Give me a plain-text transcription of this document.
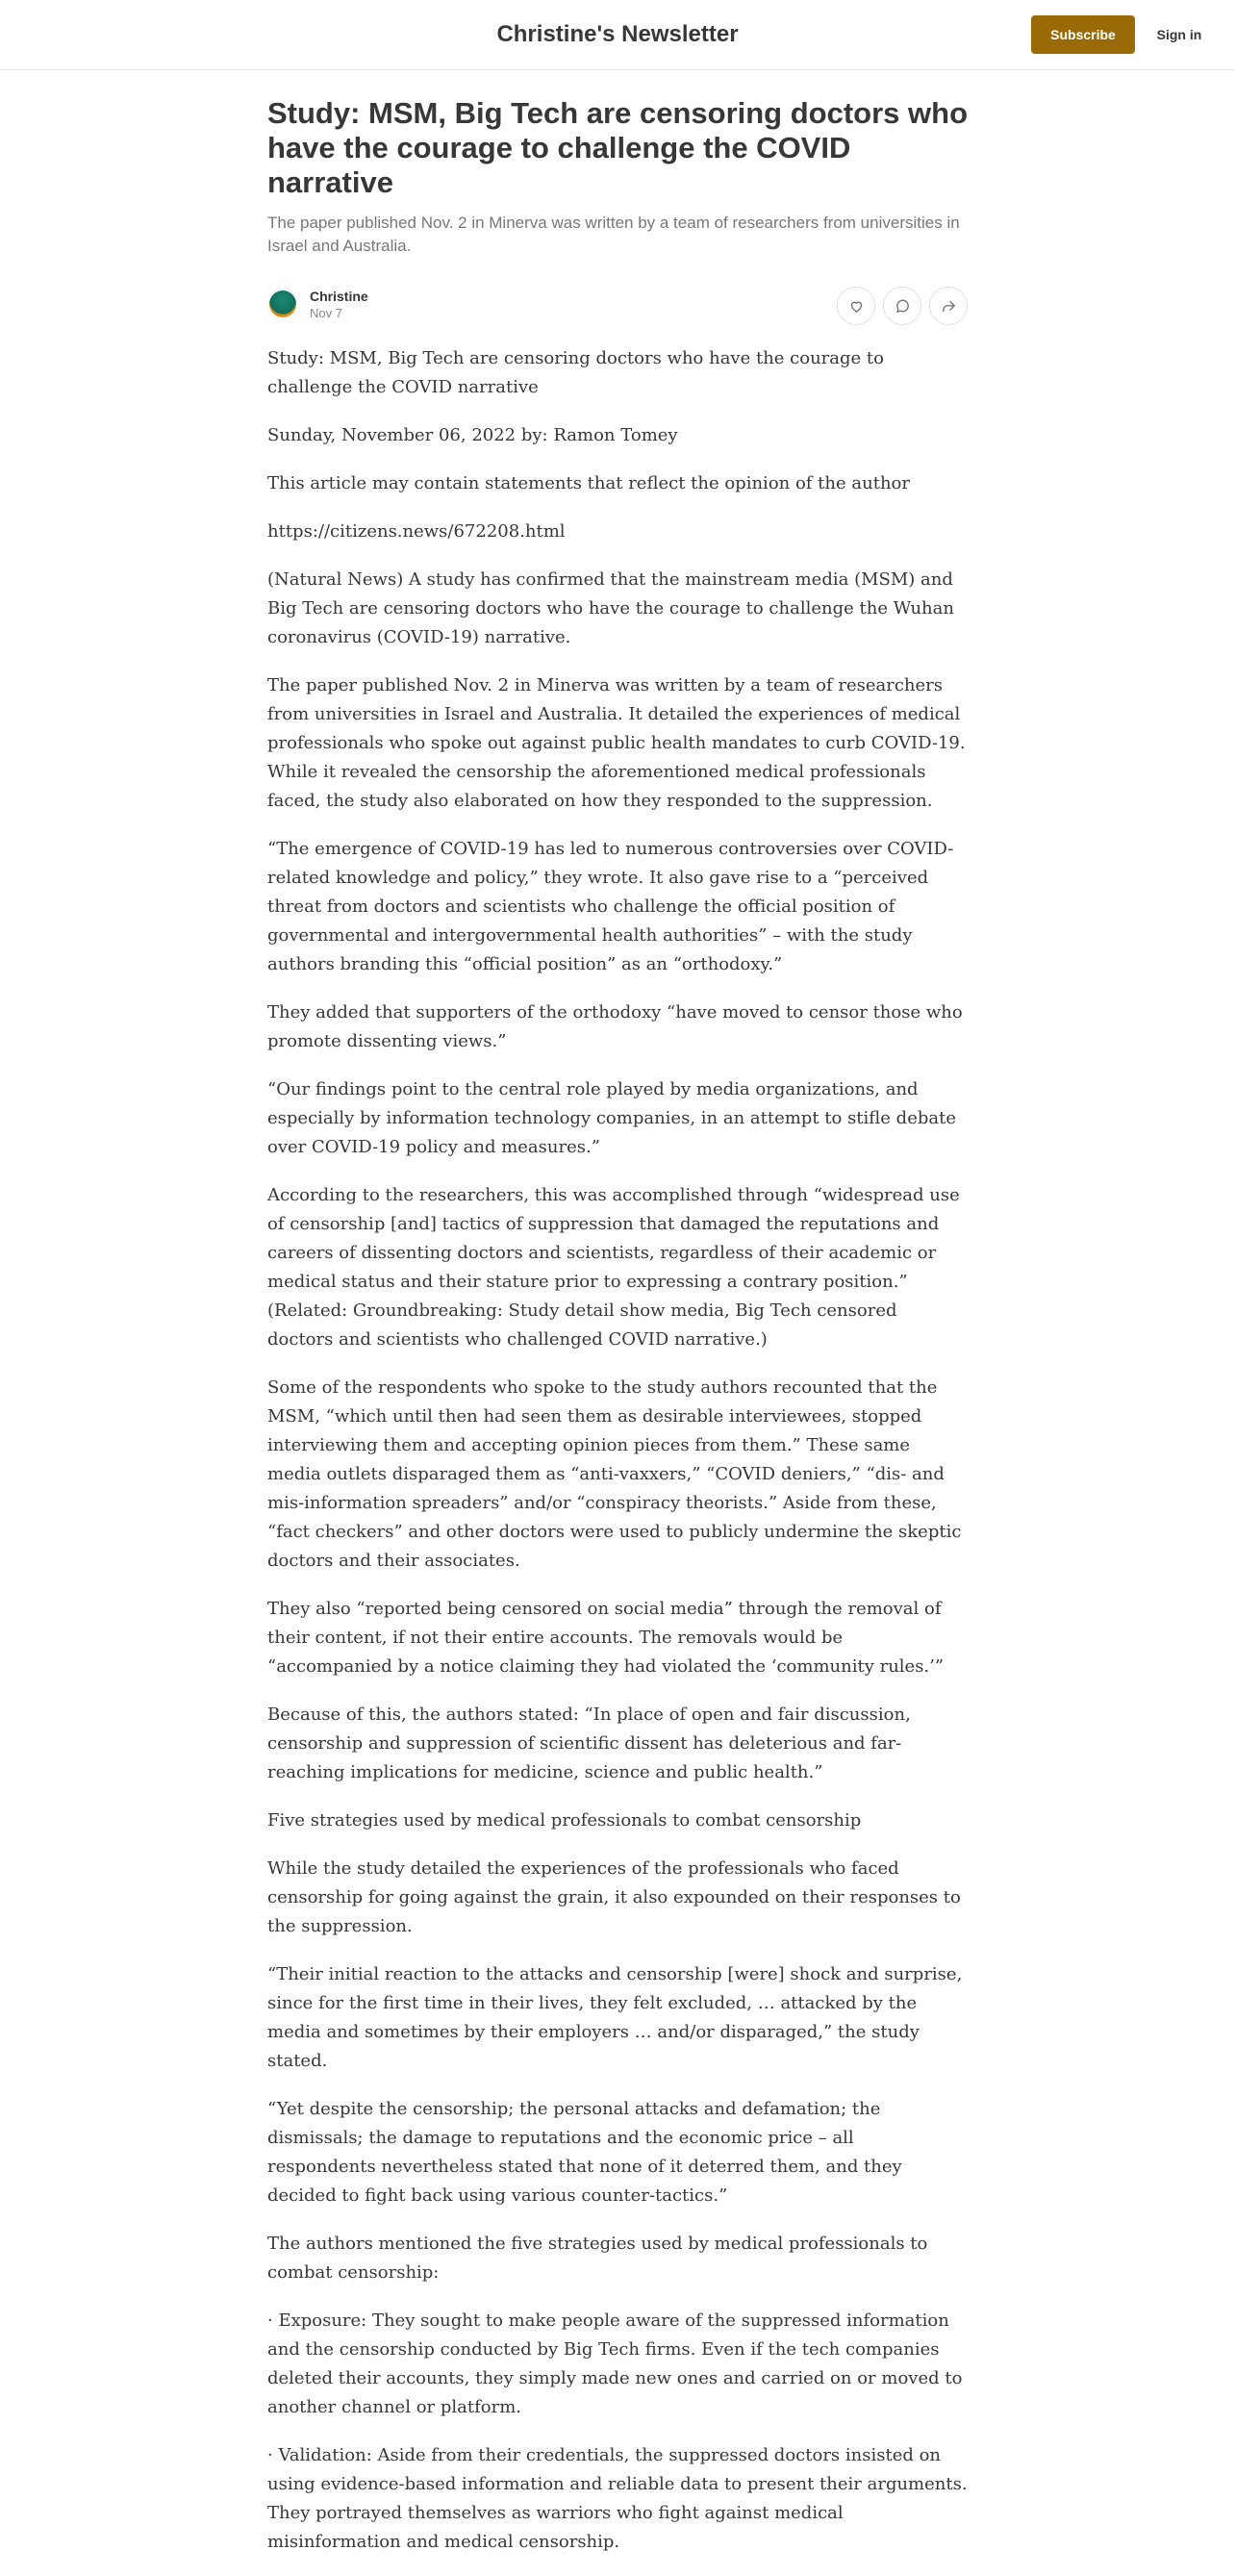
Christine's Newsletter	Subscribe	Sign in
Study: MSM, Big Tech are censoring doctors who have the courage to challenge the COVID narrative
The paper published Nov. 2 in Minerva was written by a team of researchers from universities in Israel and Australia.
Christine
Nov 7

Study: MSM, Big Tech are censoring doctors who have the courage to challenge the COVID narrative

Sunday, November 06, 2022 by: Ramon Tomey

This article may contain statements that reflect the opinion of the author

https://citizens.news/672208.html

(Natural News) A study has confirmed that the mainstream media (MSM) and Big Tech are censoring doctors who have the courage to challenge the Wuhan coronavirus (COVID-19) narrative.

The paper published Nov. 2 in Minerva was written by a team of researchers from universities in Israel and Australia. It detailed the experiences of medical professionals who spoke out against public health mandates to curb COVID-19. While it revealed the censorship the aforementioned medical professionals faced, the study also elaborated on how they responded to the suppression.

“The emergence of COVID-19 has led to numerous controversies over COVID-related knowledge and policy,” they wrote. It also gave rise to a “perceived threat from doctors and scientists who challenge the official position of governmental and intergovernmental health authorities” – with the study authors branding this “official position” as an “orthodoxy.”

They added that supporters of the orthodoxy “have moved to censor those who promote dissenting views.”

“Our findings point to the central role played by media organizations, and especially by information technology companies, in an attempt to stifle debate over COVID-19 policy and measures.”

According to the researchers, this was accomplished through “widespread use of censorship [and] tactics of suppression that damaged the reputations and careers of dissenting doctors and scientists, regardless of their academic or medical status and their stature prior to expressing a contrary position.” (Related: Groundbreaking: Study detail show media, Big Tech censored doctors and scientists who challenged COVID narrative.)

Some of the respondents who spoke to the study authors recounted that the MSM, “which until then had seen them as desirable interviewees, stopped interviewing them and accepting opinion pieces from them.” These same media outlets disparaged them as “anti-vaxxers,” “COVID deniers,” “dis- and mis-information spreaders” and/or “conspiracy theorists.” Aside from these, “fact checkers” and other doctors were used to publicly undermine the skeptic doctors and their associates.

They also “reported being censored on social media” through the removal of their content, if not their entire accounts. The removals would be “accompanied by a notice claiming they had violated the ‘community rules.’”

Because of this, the authors stated: “In place of open and fair discussion, censorship and suppression of scientific dissent has deleterious and far-reaching implications for medicine, science and public health.”

Five strategies used by medical professionals to combat censorship

While the study detailed the experiences of the professionals who faced censorship for going against the grain, it also expounded on their responses to the suppression.

“Their initial reaction to the attacks and censorship [were] shock and surprise, since for the first time in their lives, they felt excluded, … attacked by the media and sometimes by their employers … and/or disparaged,” the study stated.

“Yet despite the censorship; the personal attacks and defamation; the dismissals; the damage to reputations and the economic price – all respondents nevertheless stated that none of it deterred them, and they decided to fight back using various counter-tactics.”

The authors mentioned the five strategies used by medical professionals to combat censorship:

· Exposure: They sought to make people aware of the suppressed information and the censorship conducted by Big Tech firms. Even if the tech companies deleted their accounts, they simply made new ones and carried on or moved to another channel or platform.

· Validation: Aside from their credentials, the suppressed doctors insisted on using evidence-based information and reliable data to present their arguments. They portrayed themselves as warriors who fight against medical misinformation and medical censorship.
